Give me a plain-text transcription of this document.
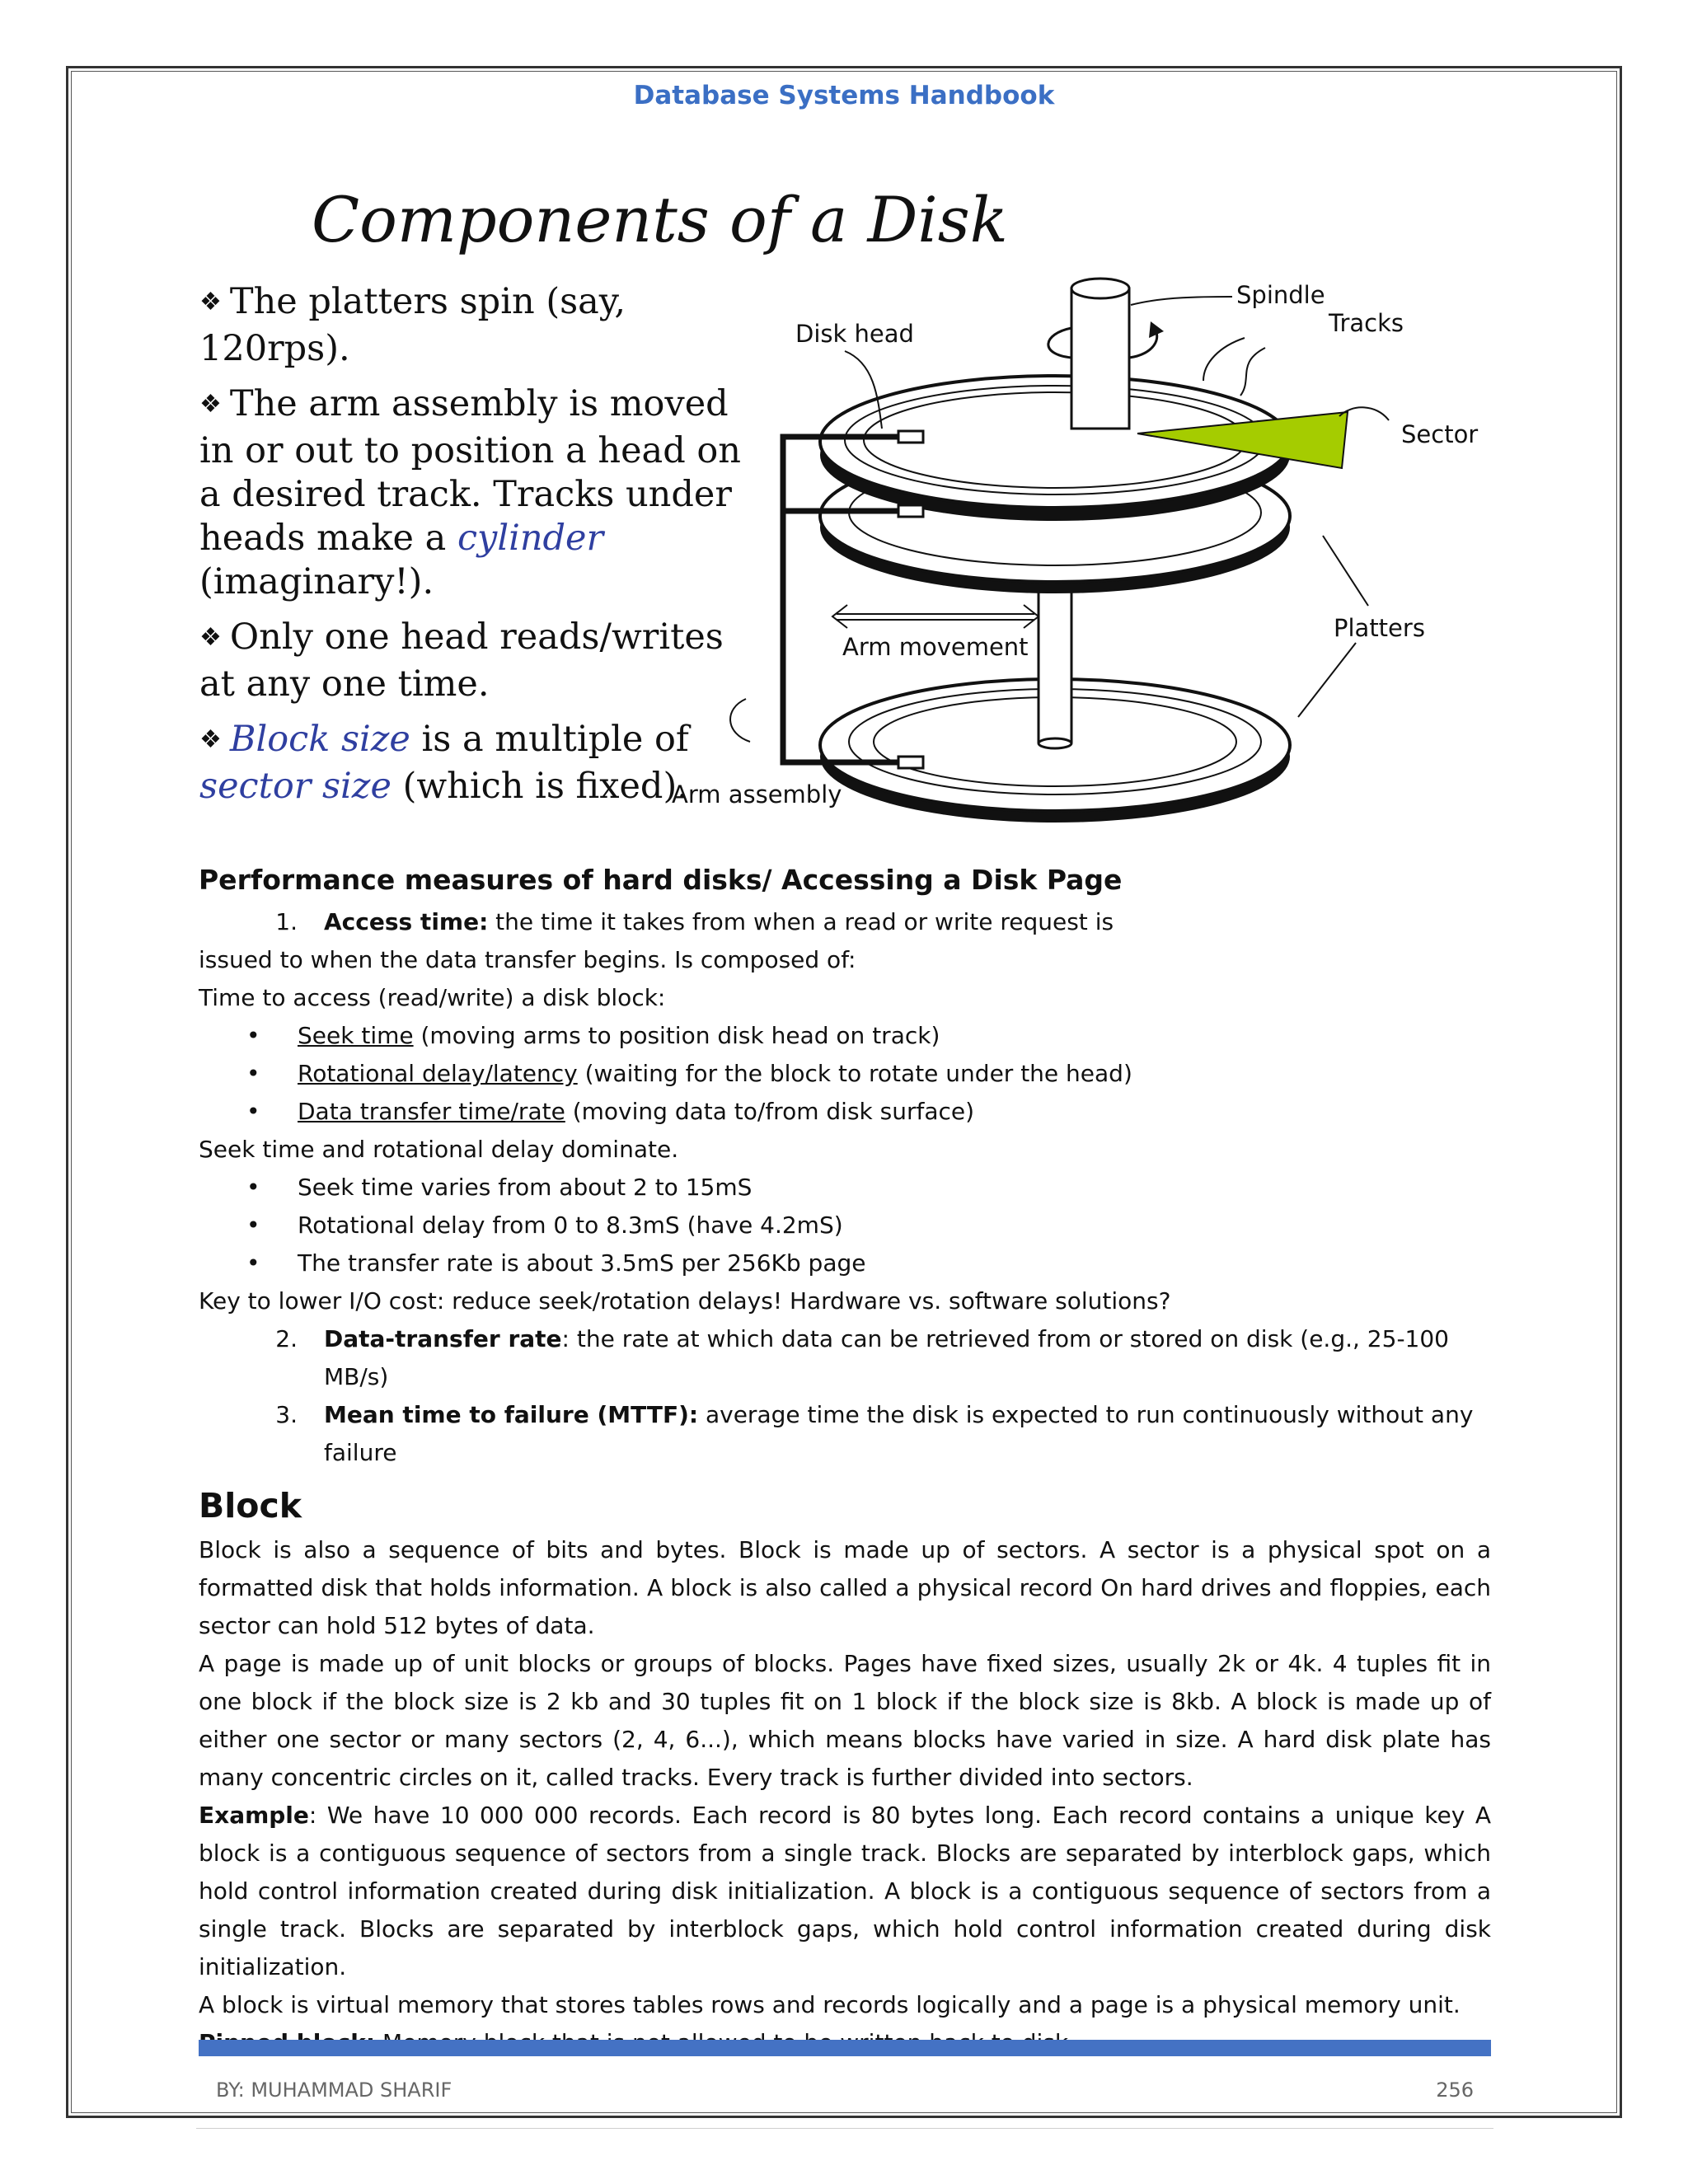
Database Systems Handbook
Components of a Disk

❖ The platters spin (say, 120rps).

❖ The arm assembly is moved in or out to position a head on a desired track. Tracks under heads make a cylinder (imaginary!).

❖ Only one head reads/writes at any one time.

❖ Block size is a multiple of sector size (which is fixed).

Spindle
Tracks
Disk head
Sector
Platters
Arm movement
Arm assembly
Performance measures of hard disks/ Accessing a Disk Page
1.	Access time: the time it takes from when a read or write request is

issued to when the data transfer begins. Is composed of:

Time to access (read/write) a disk block:

•	Seek time (moving arms to position disk head on track)
•	Rotational delay/latency (waiting for the block to rotate under the head)
•	Data transfer time/rate (moving data to/from disk surface)

Seek time and rotational delay dominate.

•	Seek time varies from about 2 to 15mS
•	Rotational delay from 0 to 8.3mS (have 4.2mS)
•	The transfer rate is about 3.5mS per 256Kb page

Key to lower I/O cost: reduce seek/rotation delays! Hardware vs. software solutions?

2.	Data-transfer rate: the rate at which data can be retrieved from or stored on disk (e.g., 25-100 MB/s)
3.	Mean time to failure (MTTF): average time the disk is expected to run continuously without any failure
Block

Block is also a sequence of bits and bytes. Block is made up of sectors. A sector is a physical spot on a formatted disk that holds information. A block is also called a physical record On hard drives and floppies, each sector can hold 512 bytes of data.

A page is made up of unit blocks or groups of blocks. Pages have fixed sizes, usually 2k or 4k. 4 tuples fit in one block if the block size is 2 kb and 30 tuples fit on 1 block if the block size is 8kb. A block is made up of either one sector or many sectors (2, 4, 6...), which means blocks have varied in size. A hard disk plate has many concentric circles on it, called tracks. Every track is further divided into sectors.

Example: We have 10 000 000 records. Each record is 80 bytes long. Each record contains a unique key A block is a contiguous sequence of sectors from a single track. Blocks are separated by interblock gaps, which hold control information created during disk initialization. A block is a contiguous sequence of sectors from a single track. Blocks are separated by interblock gaps, which hold control information created during disk initialization.

A block is virtual memory that stores tables rows and records logically and a page is a physical memory unit.

BY: MUHAMMAD SHARIF	256
